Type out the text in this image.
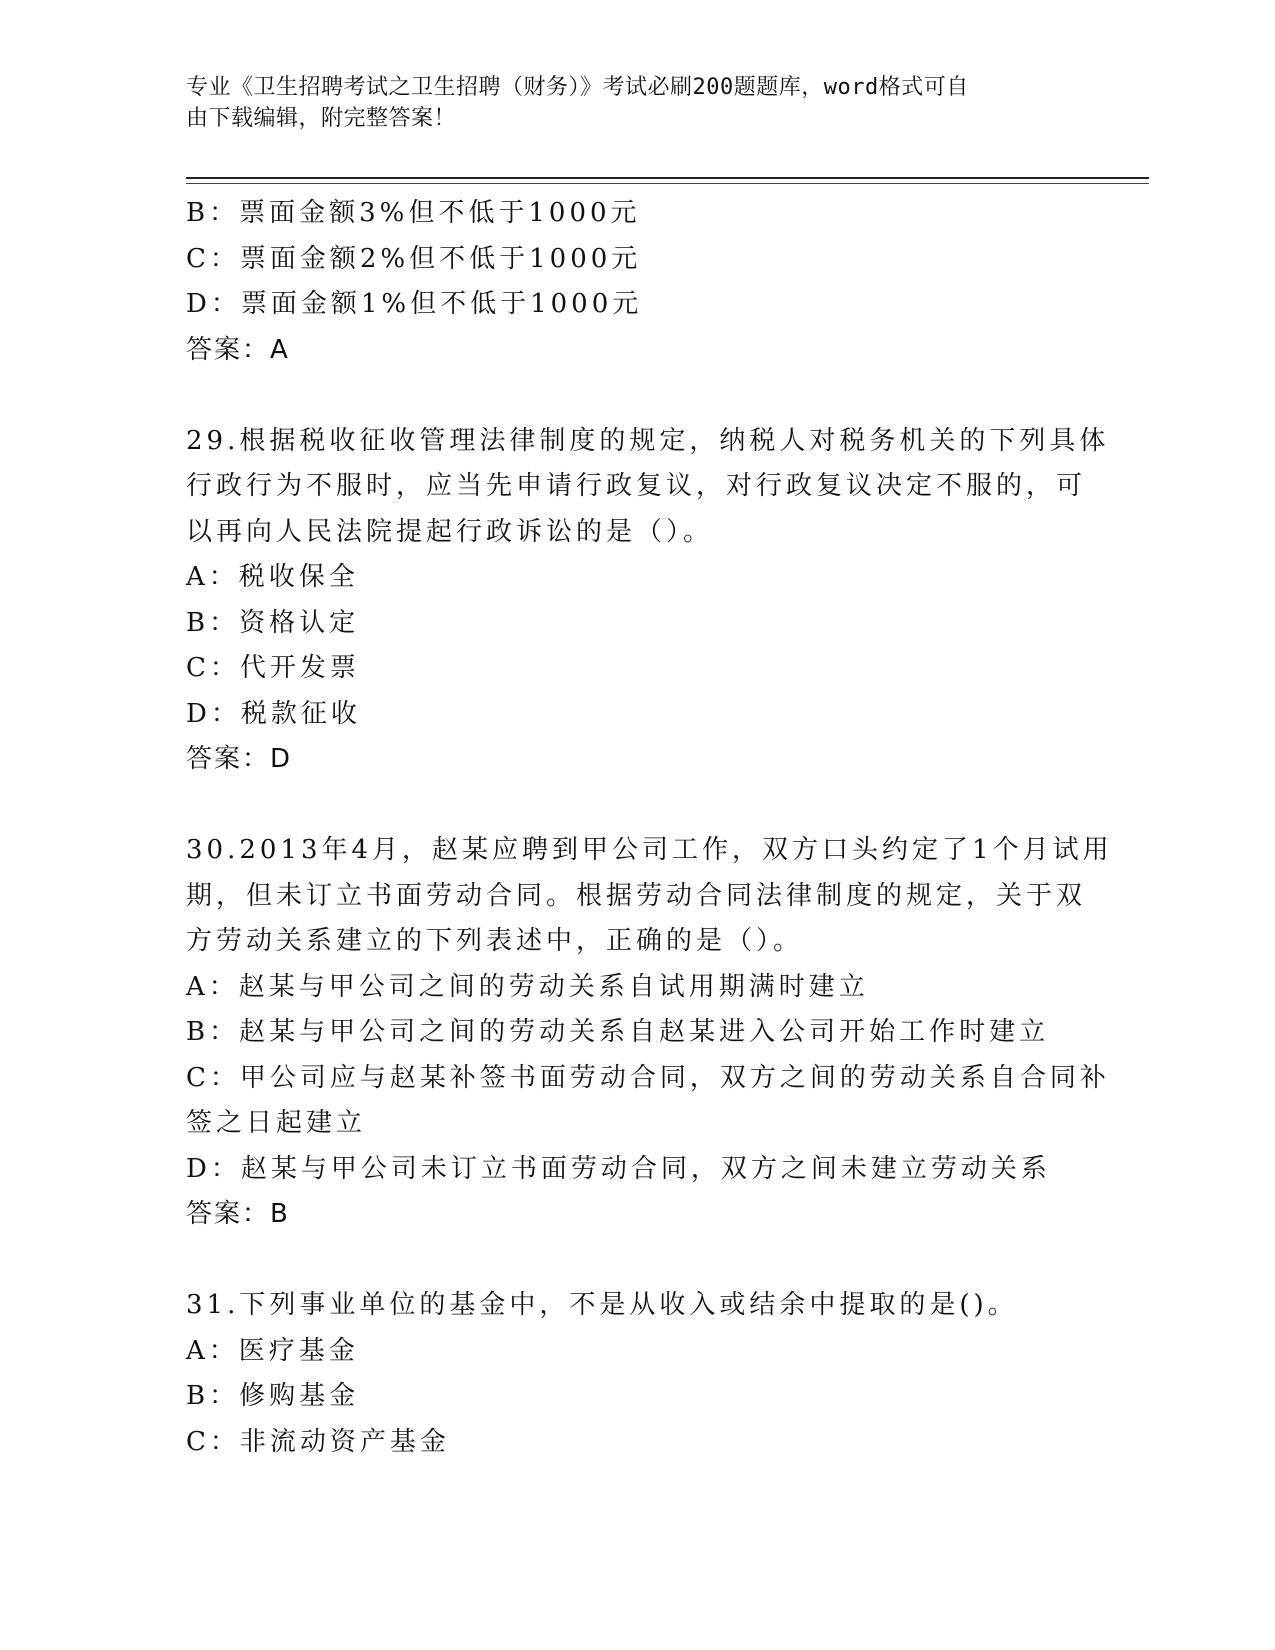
专业《卫生招聘考试之卫生招聘（财务）》考试必刷200题题库，word格式可自
由下载编辑，附完整答案！
B：票面金额3%但不低于1000元
C：票面金额2%但不低于1000元
D：票面金额1%但不低于1000元
答案：A
29.根据税收征收管理法律制度的规定，纳税人对税务机关的下列具体
行政行为不服时，应当先申请行政复议，对行政复议决定不服的，可
以再向人民法院提起行政诉讼的是（）。
A：税收保全
B：资格认定
C：代开发票
D：税款征收
答案：D
30.2013年4月，赵某应聘到甲公司工作，双方口头约定了1个月试用
期，但未订立书面劳动合同。根据劳动合同法律制度的规定，关于双
方劳动关系建立的下列表述中，正确的是（）。
A：赵某与甲公司之间的劳动关系自试用期满时建立
B：赵某与甲公司之间的劳动关系自赵某进入公司开始工作时建立
C：甲公司应与赵某补签书面劳动合同，双方之间的劳动关系自合同补
签之日起建立
D：赵某与甲公司未订立书面劳动合同，双方之间未建立劳动关系
答案：B
31.下列事业单位的基金中，不是从收入或结余中提取的是()。
A：医疗基金
B：修购基金
C：非流动资产基金
